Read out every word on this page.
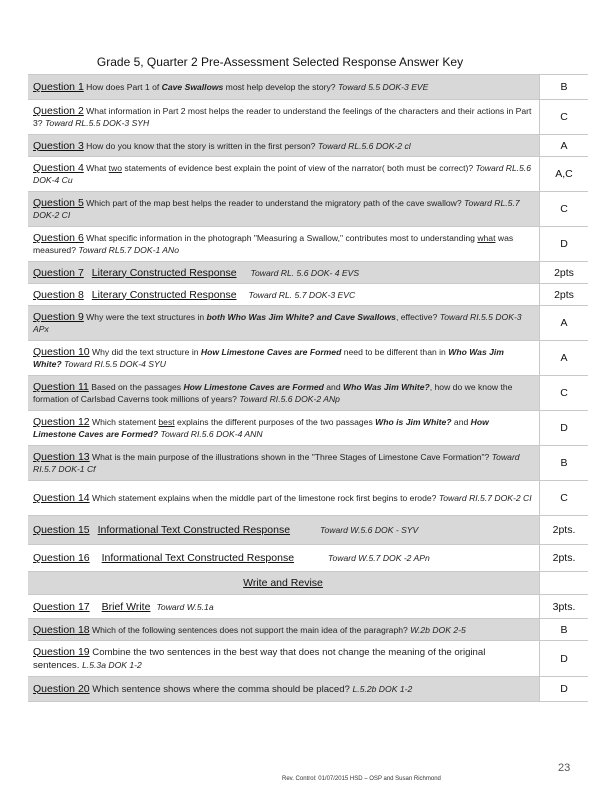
Grade 5, Quarter 2 Pre-Assessment Selected Response Answer Key
Question 1 How does Part 1 of Cave Swallows most help develop the story? Toward 5.5 DOK-3 EVE	B
Question 2 What information in Part 2 most helps the reader to understand the feelings of the characters and their actions in Part 3? Toward RL.5.5 DOK-3 SYH	C
Question 3 How do you know that the story is written in the first person? Toward RL.5.6 DOK-2 cl	A
Question 4 What two statements of evidence best explain the point of view of the narrator( both must be correct)? Toward RL.5.6 DOK-4 Cu	A,C
Question 5 Which part of the map best helps the reader to understand the migratory path of the cave swallow? Toward RL.5.7 DOK-2 CI	C
Question 6 What specific information in the photograph "Measuring a Swallow," contributes most to understanding what was measured? Toward RL5.7 DOK-1 ANo	D
Question 7 Literary Constructed Response Toward RL. 5.6 DOK- 4 EVS	2pts
Question 8 Literary Constructed Response Toward RL. 5.7 DOK-3 EVC	2pts
Question 9 Why were the text structures in both Who Was Jim White? and Cave Swallows, effective? Toward RI.5.5 DOK-3 APx	A
Question 10 Why did the text structure in How Limestone Caves are Formed need to be different than in Who Was Jim White? Toward RI.5.5 DOK-4 SYU	A
Question 11 Based on the passages How Limestone Caves are Formed and Who Was Jim White?, how do we know the formation of Carlsbad Caverns took millions of years? Toward RI.5.6 DOK-2 ANp	C
Question 12 Which statement best explains the different purposes of the two passages Who is Jim White? and How Limestone Caves are Formed? Toward RI.5.6 DOK-4 ANN	D
Question 13 What is the main purpose of the illustrations shown in the "Three Stages of Limestone Cave Formation"? Toward RI.5.7 DOK-1 Cf	B
Question 14 Which statement explains when the middle part of the limestone rock first begins to erode? Toward RI.5.7 DOK-2 CI	C
Question 15 Informational Text Constructed Response	Toward W.5.6 DOK - SYV	2pts.
Question 16 Informational Text Constructed Response	Toward W.5.7 DOK -2 APn	2pts.
Write and Revise
Question 17 Brief Write Toward W.5.1a	3pts.
Question 18 Which of the following sentences does not support the main idea of the paragraph? W.2b DOK 2-5	B
Question 19 Combine the two sentences in the best way that does not change the meaning of the original sentences. L.5.3a DOK 1-2	D
Question 20 Which sentence shows where the comma should be placed? L.5.2b DOK 1-2	D
Rev. Control: 01/07/2015 HSD – OSP and Susan Richmond
23
